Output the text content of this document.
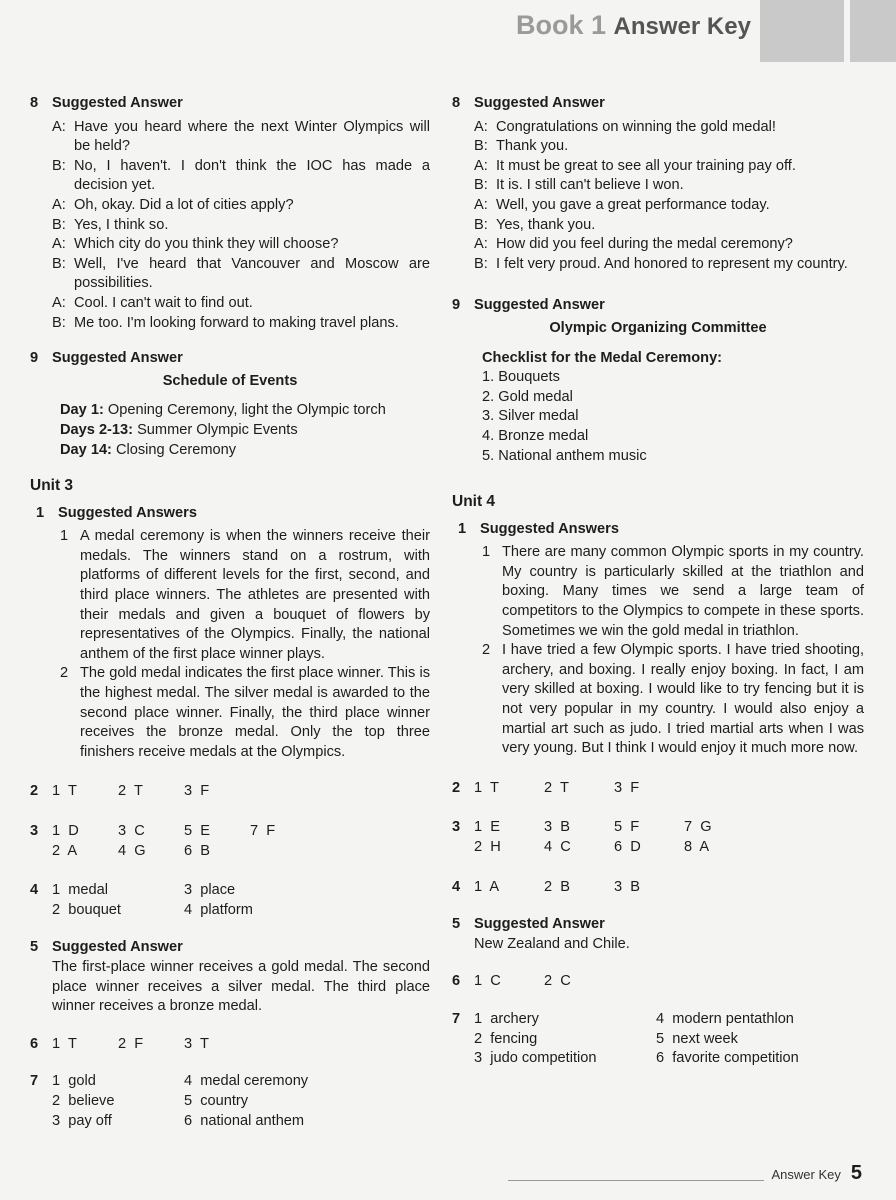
Book 1 Answer Key

8 Suggested Answer

A: Have you heard where the next Winter Olympics will be held?
B: No, I haven't. I don't think the IOC has made a decision yet.
A: Oh, okay. Did a lot of cities apply?
B: Yes, I think so.
A: Which city do you think they will choose?
B: Well, I've heard that Vancouver and Moscow are possibilities.
A: Cool. I can't wait to find out.
B: Me too. I'm looking forward to making travel plans.

9 Suggested Answer

Schedule of Events
Day 1: Opening Ceremony, light the Olympic torch
Days 2-13: Summer Olympic Events
Day 14: Closing Ceremony
Unit 3

1 Suggested Answers

1 A medal ceremony is when the winners receive their medals. The winners stand on a rostrum, with platforms of different levels for the first, second, and third place winners. The athletes are presented with their medals and given a bouquet of flowers by representatives of the Olympics. Finally, the national anthem of the first place winner plays.
2 The gold medal indicates the first place winner. This is the highest medal. The silver medal is awarded to the second place winner. Finally, the third place winner receives the bronze medal. Only the top three finishers receive medals at the Olympics.
2 1  T	2  T	3  F
3 1  D	3  C	5  E	7  F
2  A	4  G	6  B
4 1  medal	3  place
2  bouquet	4  platform

5 Suggested Answer

The first-place winner receives a gold medal. The second place winner receives a silver medal. The third place winner receives a bronze medal.
6 1  T	2  F	3  T
7 1  gold	4  medal ceremony
2  believe	5  country
3  pay off	6  national anthem

8 Suggested Answer

A: Congratulations on winning the gold medal!
B: Thank you.
A: It must be great to see all your training pay off.
B: It is. I still can't believe I won.
A: Well, you gave a great performance today.
B: Yes, thank you.
A: How did you feel during the medal ceremony?
B: I felt very proud. And honored to represent my country.

9 Suggested Answer

Olympic Organizing Committee
Checklist for the Medal Ceremony:
1. Bouquets
2. Gold medal
3. Silver medal
4. Bronze medal
5. National anthem music
Unit 4

1 Suggested Answers

1 There are many common Olympic sports in my country. My country is particularly skilled at the triathlon and boxing. Many times we send a large team of competitors to the Olympics to compete in these sports. Sometimes we win the gold medal in triathlon.
2 I have tried a few Olympic sports. I have tried shooting, archery, and boxing. I really enjoy boxing. In fact, I am very skilled at boxing. I would like to try fencing but it is not very popular in my country. I would also enjoy a martial art such as judo. I tried martial arts when I was very young. But I think I would enjoy it much more now.
2 1  T	2  T	3  F
3 1  E	3  B	5  F	7  G
2  H	4  C	6  D	8  A
4 1  A	2  B	3  B

5 Suggested Answer

New Zealand and Chile.
6 1  C	2  C
7 1  archery	4  modern pentathlon
2  fencing	5  next week
3  judo competition	6  favorite competition
Answer Key 5
